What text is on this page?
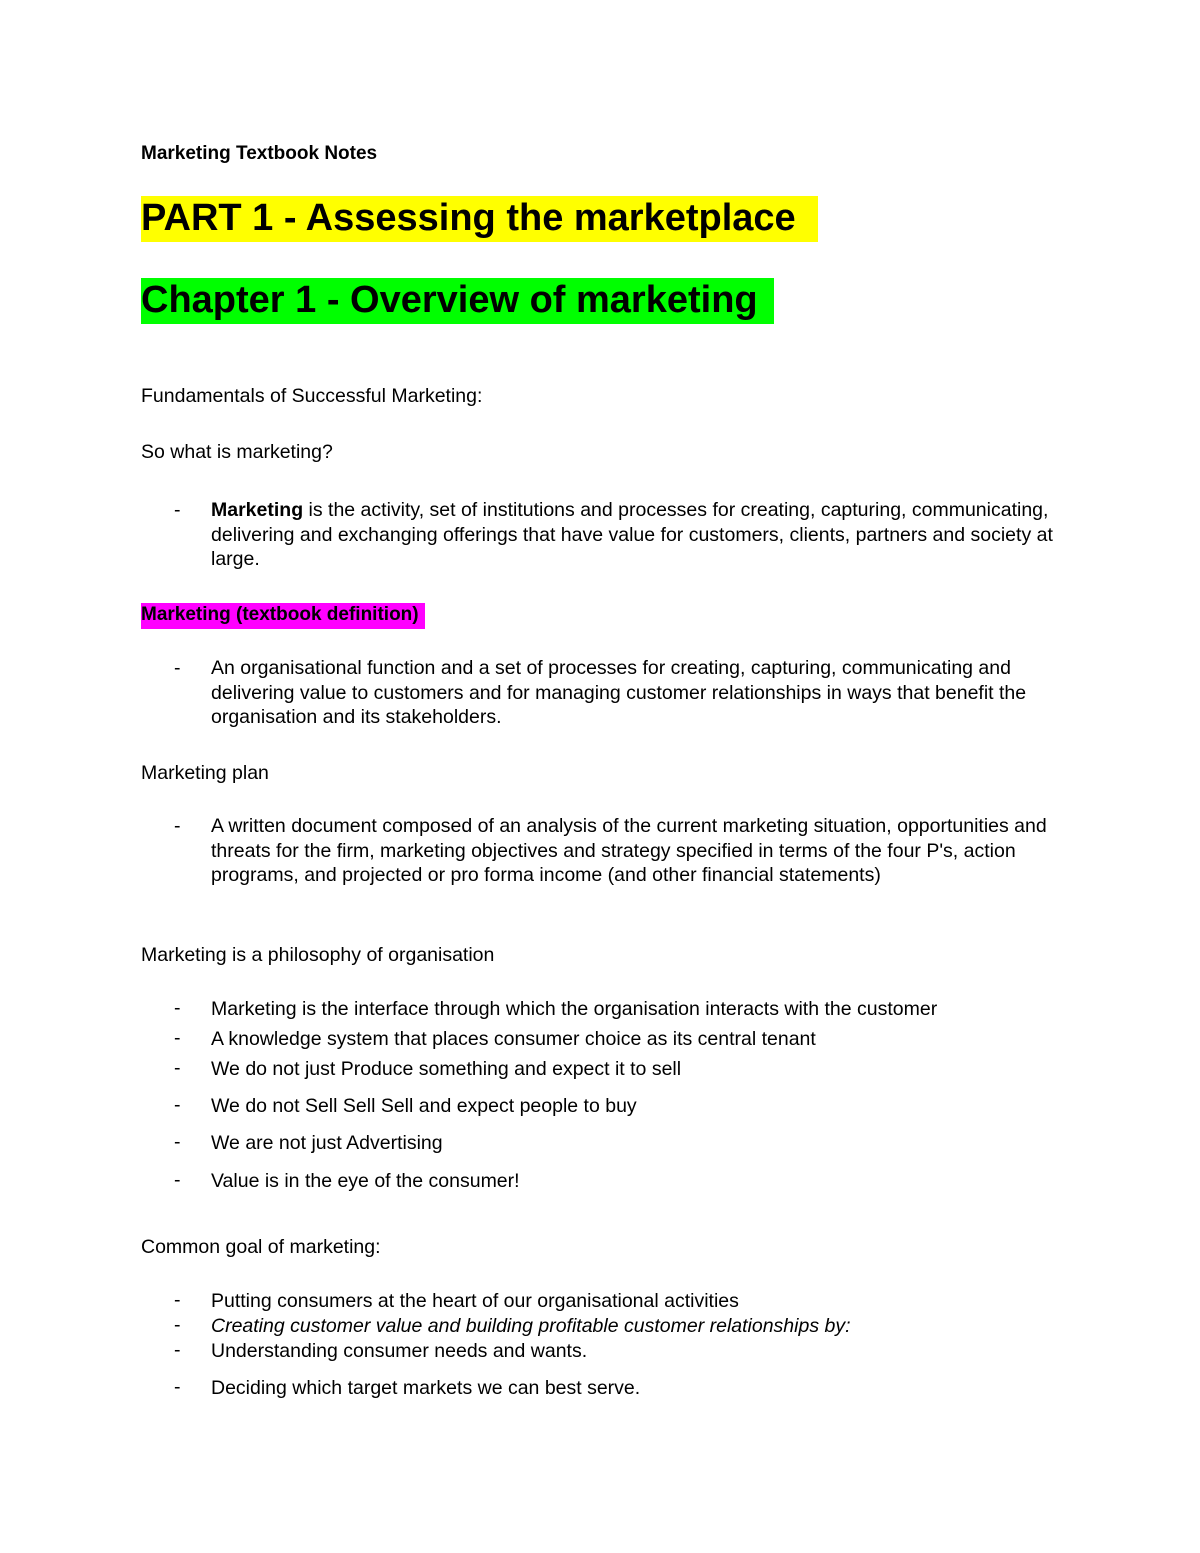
Marketing Textbook Notes
PART 1 - Assessing the marketplace
Chapter 1 - Overview of marketing
Fundamentals of Successful Marketing:
So what is marketing?
-	Marketing is the activity, set of institutions and processes for creating, capturing, communicating, delivering and exchanging offerings that have value for customers, clients, partners and society at large.
Marketing (textbook definition)
-	An organisational function and a set of processes for creating, capturing, communicating and delivering value to customers and for managing customer relationships in ways that benefit the organisation and its stakeholders.
Marketing plan
-	A written document composed of an analysis of the current marketing situation, opportunities and threats for the firm, marketing objectives and strategy specified in terms of the four P's, action programs, and projected or pro forma income (and other financial statements)
Marketing is a philosophy of organisation
-	Marketing is the interface through which the organisation interacts with the customer
-	A knowledge system that places consumer choice as its central tenant
-	We do not just Produce something and expect it to sell
-	We do not Sell Sell Sell and expect people to buy
-	We are not just Advertising
-	Value is in the eye of the consumer!
Common goal of marketing:
-	Putting consumers at the heart of our organisational activities
-	Creating customer value and building profitable customer relationships by:
-	Understanding consumer needs and wants.
-	Deciding which target markets we can best serve.
